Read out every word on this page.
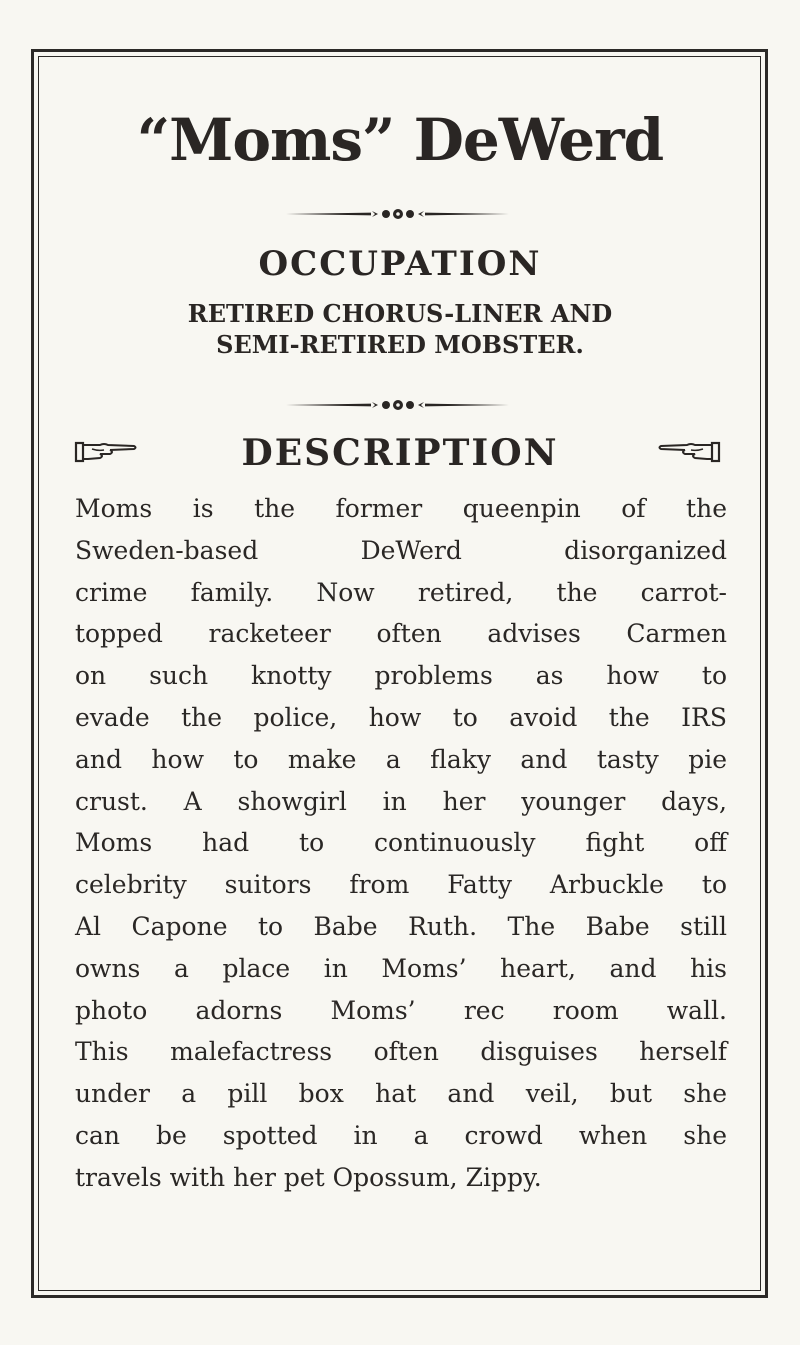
“Moms” DeWerd
OCCUPATION
RETIRED CHORUS-LINER AND
SEMI-RETIRED MOBSTER.
DESCRIPTION
Moms is the former queenpin of the
Sweden-based DeWerd disorganized
crime family. Now retired, the carrot-
topped racketeer often advises Carmen
on such knotty problems as how to
evade the police, how to avoid the IRS
and how to make a flaky and tasty pie
crust. A showgirl in her younger days,
Moms had to continuously fight off
celebrity suitors from Fatty Arbuckle to
Al Capone to Babe Ruth. The Babe still
owns a place in Moms’ heart, and his
photo adorns Moms’ rec room wall.
This malefactress often disguises herself
under a pill box hat and veil, but she
can be spotted in a crowd when she
travels with her pet Opossum, Zippy.
